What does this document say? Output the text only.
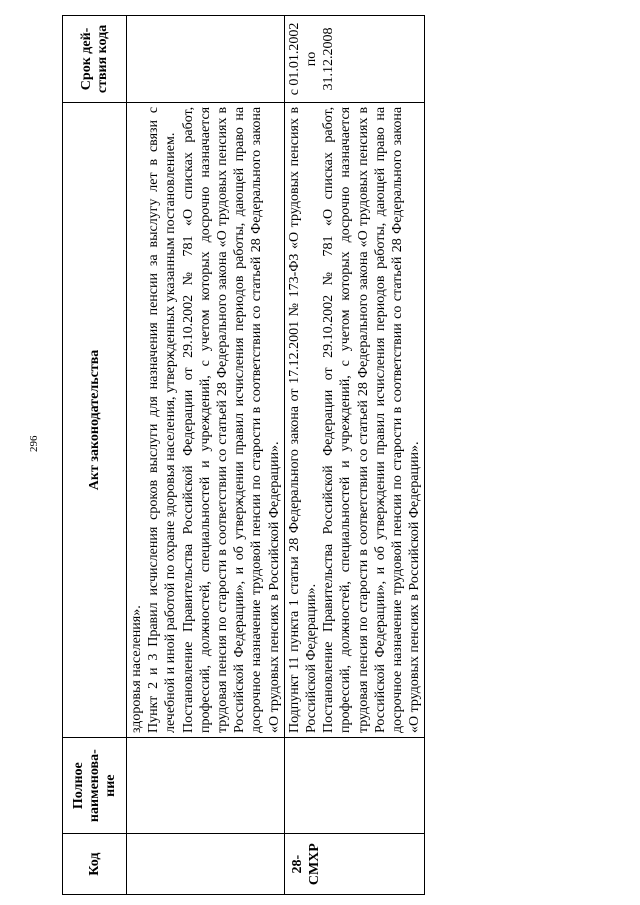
296
Код	Полное наименова-ние	Акт законодательства	Срок дей-ствия кода

		здоровья населения». Пункт 2 и 3 Правил исчисления сроков выслуги для назначения пенсии за выслугу лет в связи с лечебной и иной работой по охране здоровья населения, утвержденных указанным постановлением. Постановление Правительства Российской Федерации от 29.10.2002 № 781 «О списках работ, профессий, должностей, специальностей и учреждений, с учетом которых досрочно назначается трудовая пенсия по старости в соответствии со статьей 28 Федерального закона «О трудовых пенсиях в Российской Федерации», и об утверждении правил исчисления периодов работы, дающей право на досрочное назначение трудовой пенсии по старости в соответствии со статьей 28 Федерального закона «О трудовых пенсиях в Российской Федерации».	

28-СМХР		Подпункт 11 пункта 1 статьи 28 Федерального закона от 17.12.2001 № 173-ФЗ «О трудовых пенсиях в Российской Федерации». Постановление Правительства Российской Федерации от 29.10.2002 № 781 «О списках работ, профессий, должностей, специальностей и учреждений, с учетом которых досрочно назначается трудовая пенсия по старости в соответствии со статьей 28 Федерального закона «О трудовых пенсиях в Российской Федерации», и об утверждении правил исчисления периодов работы, дающей право на досрочное назначение трудовой пенсии по старости в соответствии со статьей 28 Федерального закона «О трудовых пенсиях в Российской Федерации».	с 01.01.2002 по 31.12.2008
